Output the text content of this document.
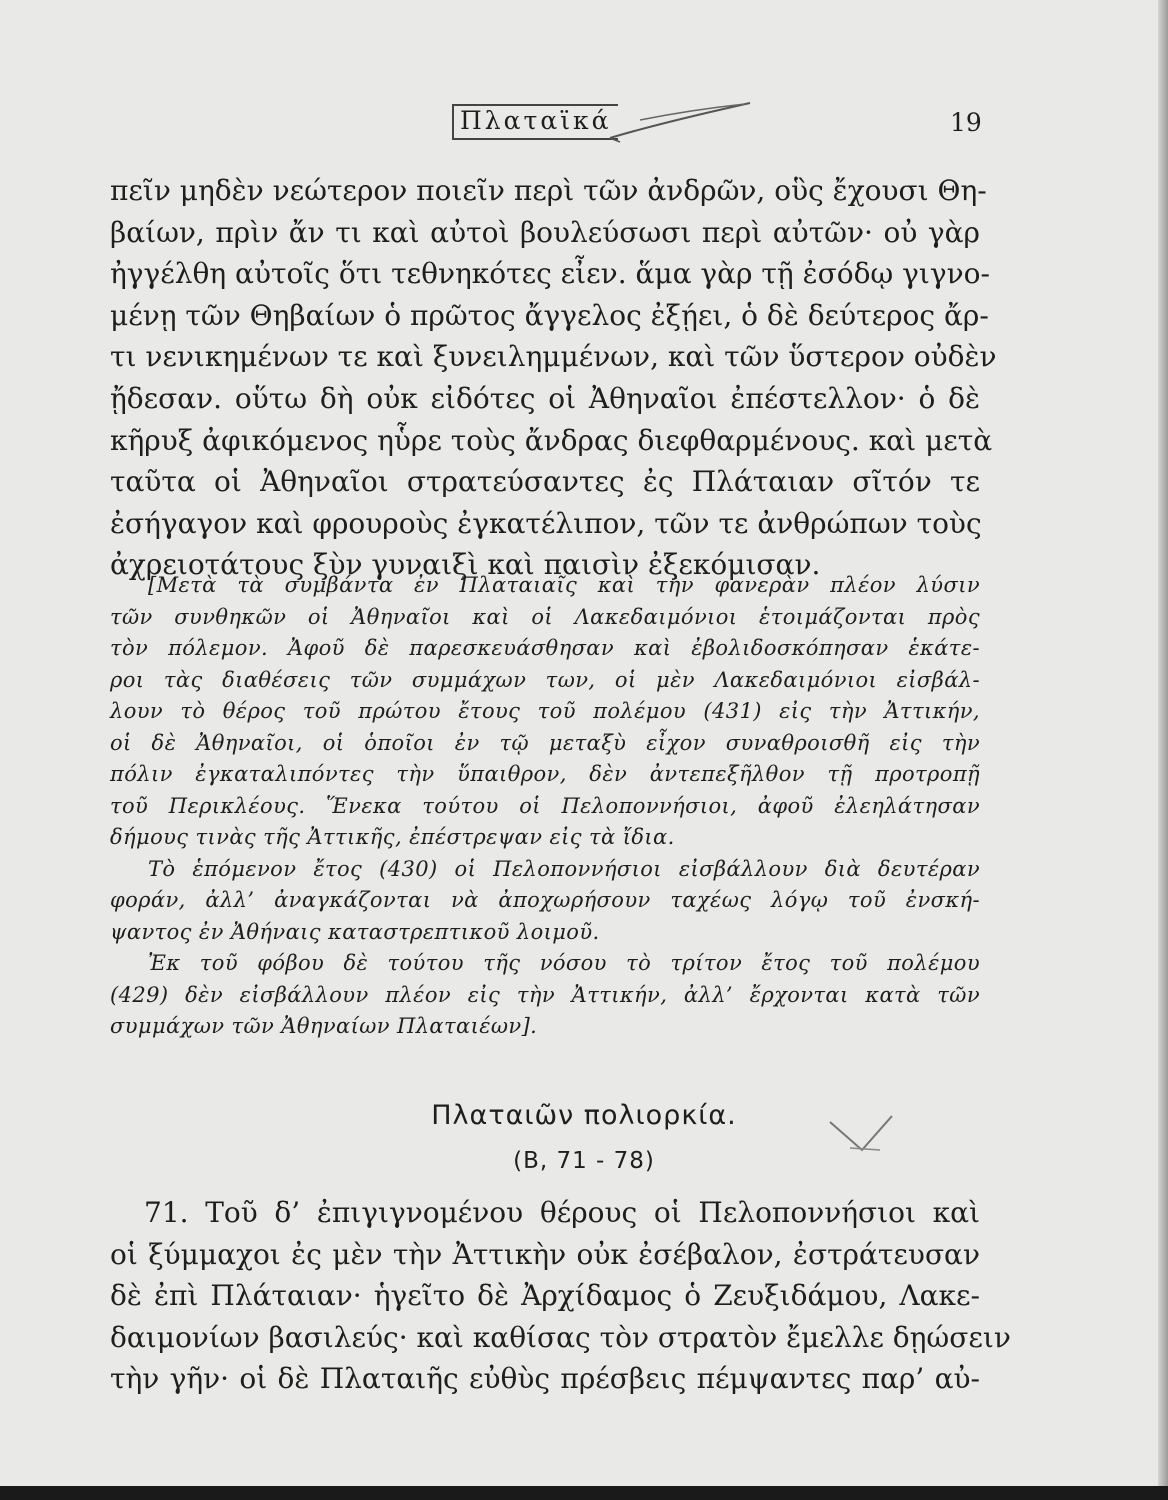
Πλαταϊκά	19
πεῖν μηδὲν νεώτερον ποιεῖν περὶ τῶν ἀνδρῶν, οὓς ἔχουσι Θη-
βαίων, πρὶν ἄν τι καὶ αὐτοὶ βουλεύσωσι περὶ αὐτῶν· οὐ γὰρ
ἠγγέλθη αὐτοῖς ὅτι τεθνηκότες εἶεν. ἅμα γὰρ τῇ ἐσόδῳ γιγνο-
μένῃ τῶν Θηβαίων ὁ πρῶτος ἄγγελος ἐξῄει, ὁ δὲ δεύτερος ἄρ-
τι νενικημένων τε καὶ ξυνειλημμένων, καὶ τῶν ὕστερον οὐδὲν
ᾔδεσαν. οὕτω δὴ οὐκ εἰδότες οἱ Ἀθηναῖοι ἐπέστελλον· ὁ δὲ
κῆρυξ ἀφικόμενος ηὗρε τοὺς ἄνδρας διεφθαρμένους. καὶ μετὰ
ταῦτα οἱ Ἀθηναῖοι στρατεύσαντες ἐς Πλάταιαν σῖτόν τε
ἐσήγαγον καὶ φρουροὺς ἐγκατέλιπον, τῶν τε ἀνθρώπων τοὺς
ἀχρειοτάτους ξὺν γυναιξὶ καὶ παισὶν ἐξεκόμισαν.
[Μετὰ τὰ συμβάντα ἐν Πλαταιαῖς καὶ τὴν φανερὰν πλέον λύσιν
τῶν συνθηκῶν οἱ Ἀθηναῖοι καὶ οἱ Λακεδαιμόνιοι ἑτοιμάζονται πρὸς
τὸν πόλεμον. Ἀφοῦ δὲ παρεσκευάσθησαν καὶ ἐβολιδοσκόπησαν ἑκάτε-
ροι τὰς διαθέσεις τῶν συμμάχων των, οἱ μὲν Λακεδαιμόνιοι εἰσβάλ-
λουν τὸ θέρος τοῦ πρώτου ἔτους τοῦ πολέμου (431) εἰς τὴν Ἀττικήν,
οἱ δὲ Ἀθηναῖοι, οἱ ὁποῖοι ἐν τῷ μεταξὺ εἶχον συναθροισθῆ εἰς τὴν
πόλιν ἐγκαταλιπόντες τὴν ὕπαιθρον, δὲν ἀντεπεξῆλθον τῇ προτροπῇ
τοῦ Περικλέους. Ἕνεκα τούτου οἱ Πελοποννήσιοι, ἀφοῦ ἐλεηλάτησαν
δήμους τινὰς τῆς Ἀττικῆς, ἐπέστρεψαν εἰς τὰ ἴδια.
Τὸ ἑπόμενον ἔτος (430) οἱ Πελοποννήσιοι εἰσβάλλουν διὰ δευτέραν
φοράν, ἀλλ’ ἀναγκάζονται νὰ ἀποχωρήσουν ταχέως λόγῳ τοῦ ἐνσκή-
ψαντος ἐν Ἀθήναις καταστρεπτικοῦ λοιμοῦ.
Ἐκ τοῦ φόβου δὲ τούτου τῆς νόσου τὸ τρίτον ἔτος τοῦ πολέμου
(429) δὲν εἰσβάλλουν πλέον εἰς τὴν Ἀττικήν, ἀλλ’ ἔρχονται κατὰ τῶν
συμμάχων τῶν Ἀθηναίων Πλαταιέων].
Πλαταιῶν πολιορκία.
(Β, 71 - 78)
71. Τοῦ δ’ ἐπιγιγνομένου θέρους οἱ Πελοποννήσιοι καὶ
οἱ ξύμμαχοι ἐς μὲν τὴν Ἀττικὴν οὐκ ἐσέβαλον, ἐστράτευσαν
δὲ ἐπὶ Πλάταιαν· ἡγεῖτο δὲ Ἀρχίδαμος ὁ Ζευξιδάμου, Λακε-
δαιμονίων βασιλεύς· καὶ καθίσας τὸν στρατὸν ἔμελλε δῃώσειν
τὴν γῆν· οἱ δὲ Πλαταιῆς εὐθὺς πρέσβεις πέμψαντες παρ’ αὐ-
